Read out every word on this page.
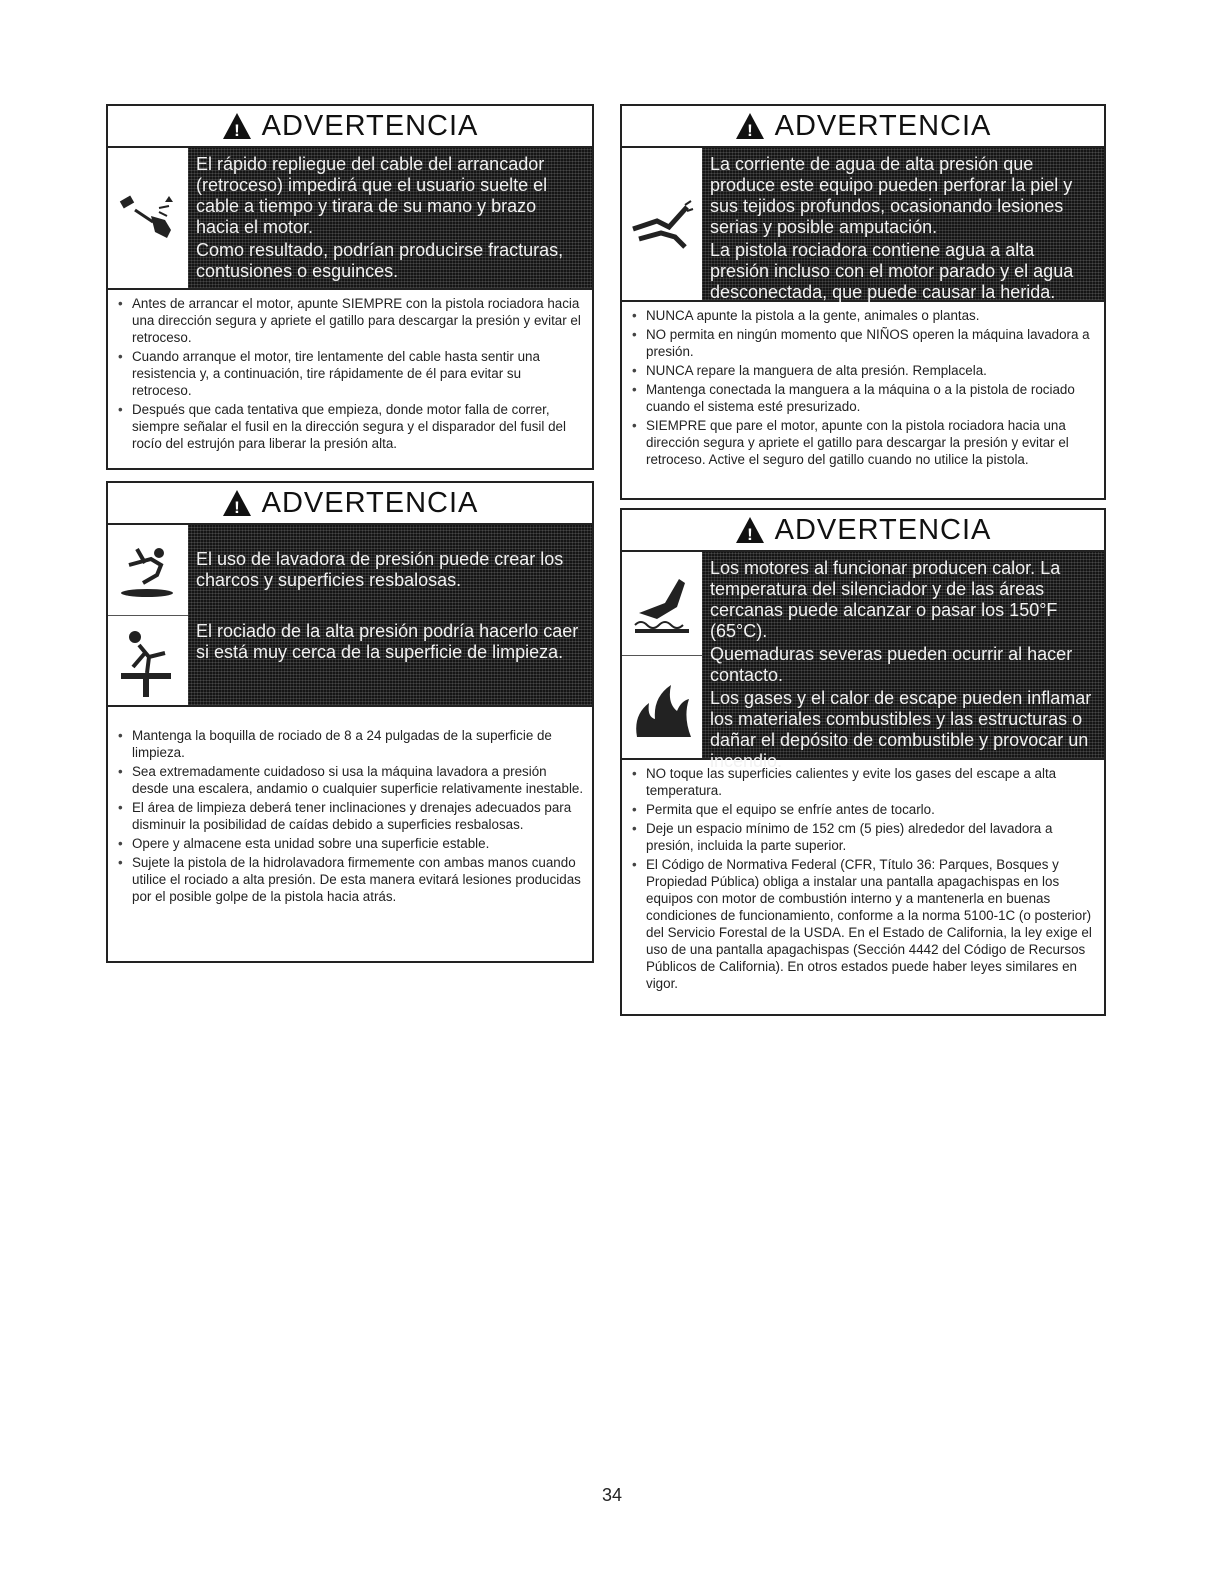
! ADVERTENCIA

El rápido repliegue del cable del arrancador (retroceso) impedirá que el usuario suelte el cable a tiempo y tirara de su mano y brazo hacia el motor.

Como resultado, podrían producirse fracturas, contusiones o esguinces.

• Antes de arrancar el motor, apunte SIEMPRE con la pistola rociadora hacia una dirección segura y apriete el gatillo para descargar la presión y evitar el retroceso.
• Cuando arranque el motor, tire lentamente del cable hasta sentir una resistencia y, a continuación, tire rápidamente de él para evitar su retroceso.
• Después que cada tentativa que empieza, donde motor falla de correr, siempre señalar el fusil en la dirección segura y el disparador del fusil del rocío del estrujón para liberar la presión alta.
! ADVERTENCIA

El uso de lavadora de presión puede crear los charcos y superficies resbalosas.

El rociado de la alta presión podría hacerlo caer si está muy cerca de la superficie de limpieza.

• Mantenga la boquilla de rociado de 8 a 24 pulgadas de la superficie de limpieza.
• Sea extremadamente cuidadoso si usa la máquina lavadora a presión desde una escalera, andamio o cualquier superficie relativamente inestable.
• El área de limpieza deberá tener inclinaciones y drenajes adecuados para disminuir la posibilidad de caídas debido a superficies resbalosas.
• Opere y almacene esta unidad sobre una superficie estable.
• Sujete la pistola de la hidrolavadora firmemente con ambas manos cuando utilice el rociado a alta presión. De esta manera evitará lesiones producidas por el posible golpe de la pistola hacia atrás.
! ADVERTENCIA

La corriente de agua de alta presión que produce este equipo pueden perforar la piel y sus tejidos profundos, ocasionando lesiones serias y posible amputación.

La pistola rociadora contiene agua a alta presión incluso con el motor parado y el agua desconectada, que puede causar la herida.

• NUNCA apunte la pistola a la gente, animales o plantas.
• NO permita en ningún momento que NIÑOS operen la máquina lavadora a presión.
• NUNCA repare la manguera de alta presión. Remplacela.
• Mantenga conectada la manguera a la máquina o a la pistola de rociado cuando el sistema esté presurizado.
• SIEMPRE que pare el motor, apunte con la pistola rociadora hacia una dirección segura y apriete el gatillo para descargar la presión y evitar el retroceso. Active el seguro del gatillo cuando no utilice la pistola.
! ADVERTENCIA

Los motores al funcionar producen calor. La temperatura del silenciador y de las áreas cercanas puede alcanzar o pasar los 150°F (65°C).

Quemaduras severas pueden ocurrir al hacer contacto.

Los gases y el calor de escape pueden inflamar los materiales combustibles y las estructuras o dañar el depósito de combustible y provocar un incendio.

• NO toque las superficies calientes y evite los gases del escape a alta temperatura.
• Permita que el equipo se enfríe antes de tocarlo.
• Deje un espacio mínimo de 152 cm (5 pies) alrededor del lavadora a presión, incluida la parte superior.
• El Código de Normativa Federal (CFR, Título 36: Parques, Bosques y Propiedad Pública) obliga a instalar una pantalla apagachispas en los equipos con motor de combustión interno y a mantenerla en buenas condiciones de funcionamiento, conforme a la norma 5100-1C (o posterior) del Servicio Forestal de la USDA. En el Estado de California, la ley exige el uso de una pantalla apagachispas (Sección 4442 del Código de Recursos Públicos de California). En otros estados puede haber leyes similares en vigor.
34
